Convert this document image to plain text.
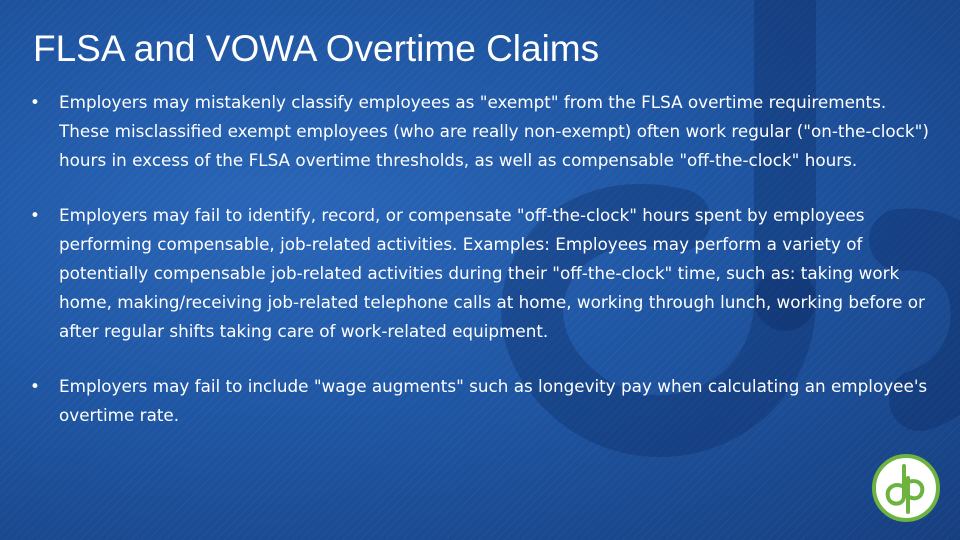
FLSA and VOWA Overtime Claims
• Employers may mistakenly classify employees as "exempt" from the FLSA overtime requirements. These misclassified exempt employees (who are really non-exempt) often work regular ("on-the-clock") hours in excess of the FLSA overtime thresholds, as well as compensable "off-the-clock" hours.
• Employers may fail to identify, record, or compensate "off-the-clock" hours spent by employees performing compensable, job-related activities. Examples: Employees may perform a variety of potentially compensable job-related activities during their "off-the-clock" time, such as: taking work home, making/receiving job-related telephone calls at home, working through lunch, working before or after regular shifts taking care of work-related equipment.
• Employers may fail to include "wage augments" such as longevity pay when calculating an employee's overtime rate.
